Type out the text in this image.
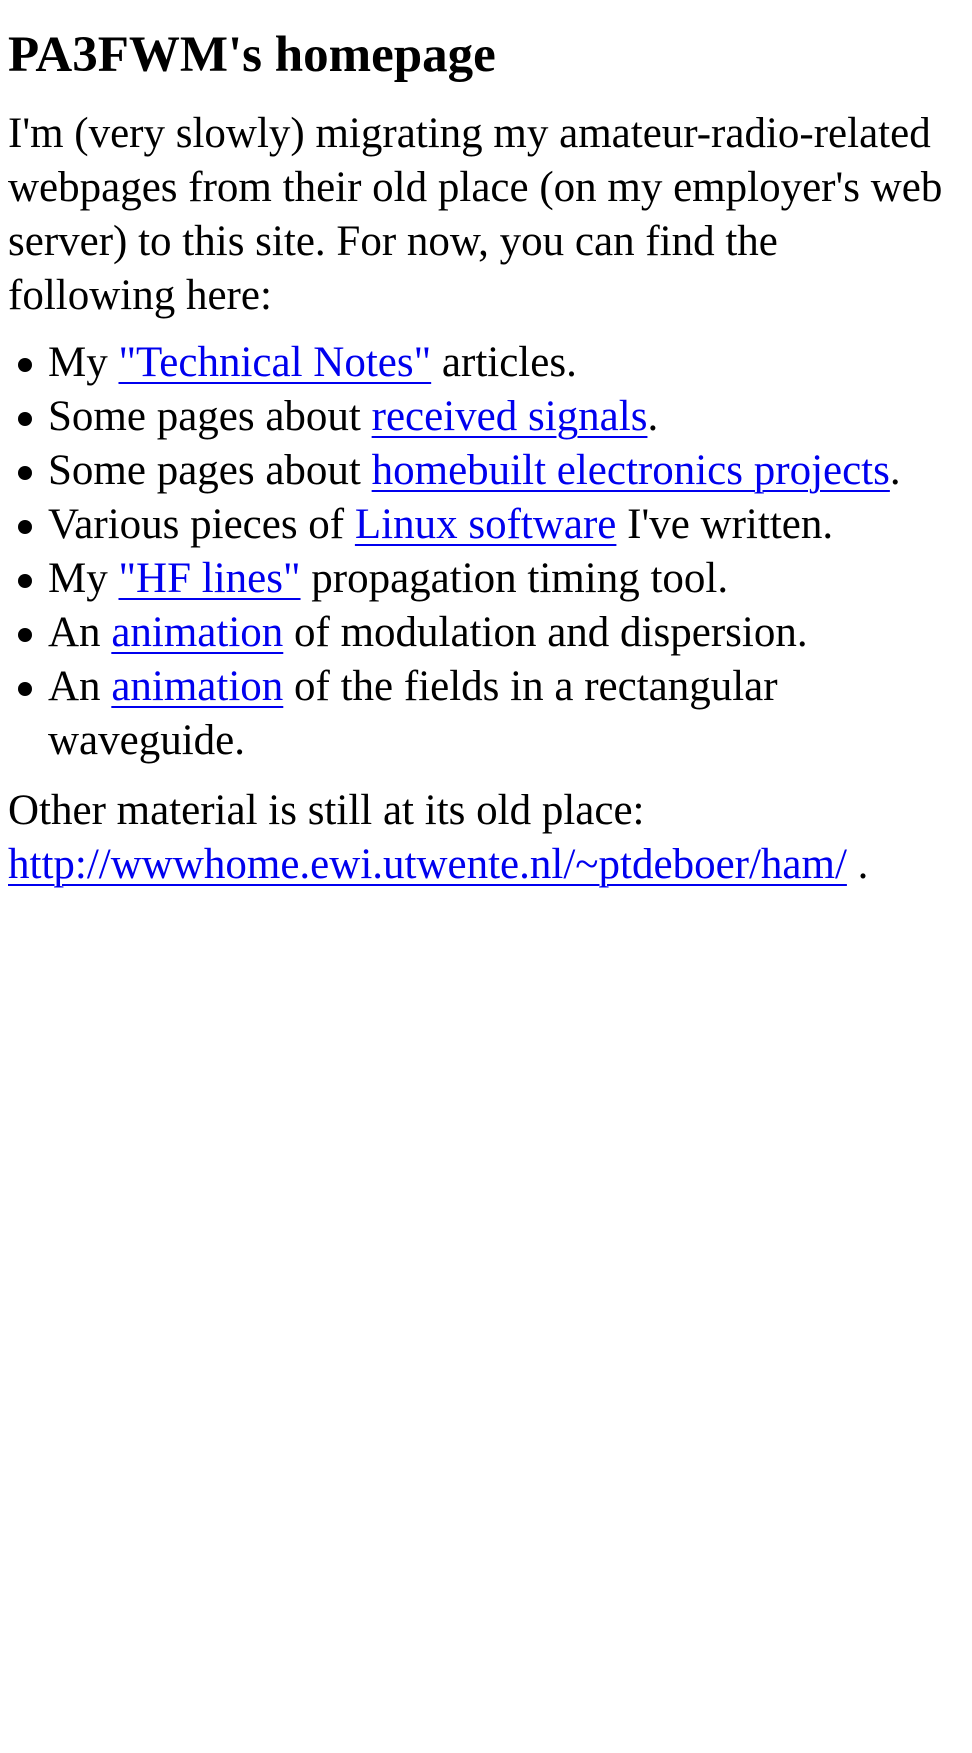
PA3FWM's homepage

I'm (very slowly) migrating my amateur-radio-related webpages from their old place (on my employer's web server) to this site. For now, you can find the following here:

My "Technical Notes" articles.
Some pages about received signals.
Some pages about homebuilt electronics projects.
Various pieces of Linux software I've written.
My "HF lines" propagation timing tool.
An animation of modulation and dispersion.
An animation of the fields in a rectangular waveguide.

Other material is still at its old place:
http://wwwhome.ewi.utwente.nl/~ptdeboer/ham/ .
